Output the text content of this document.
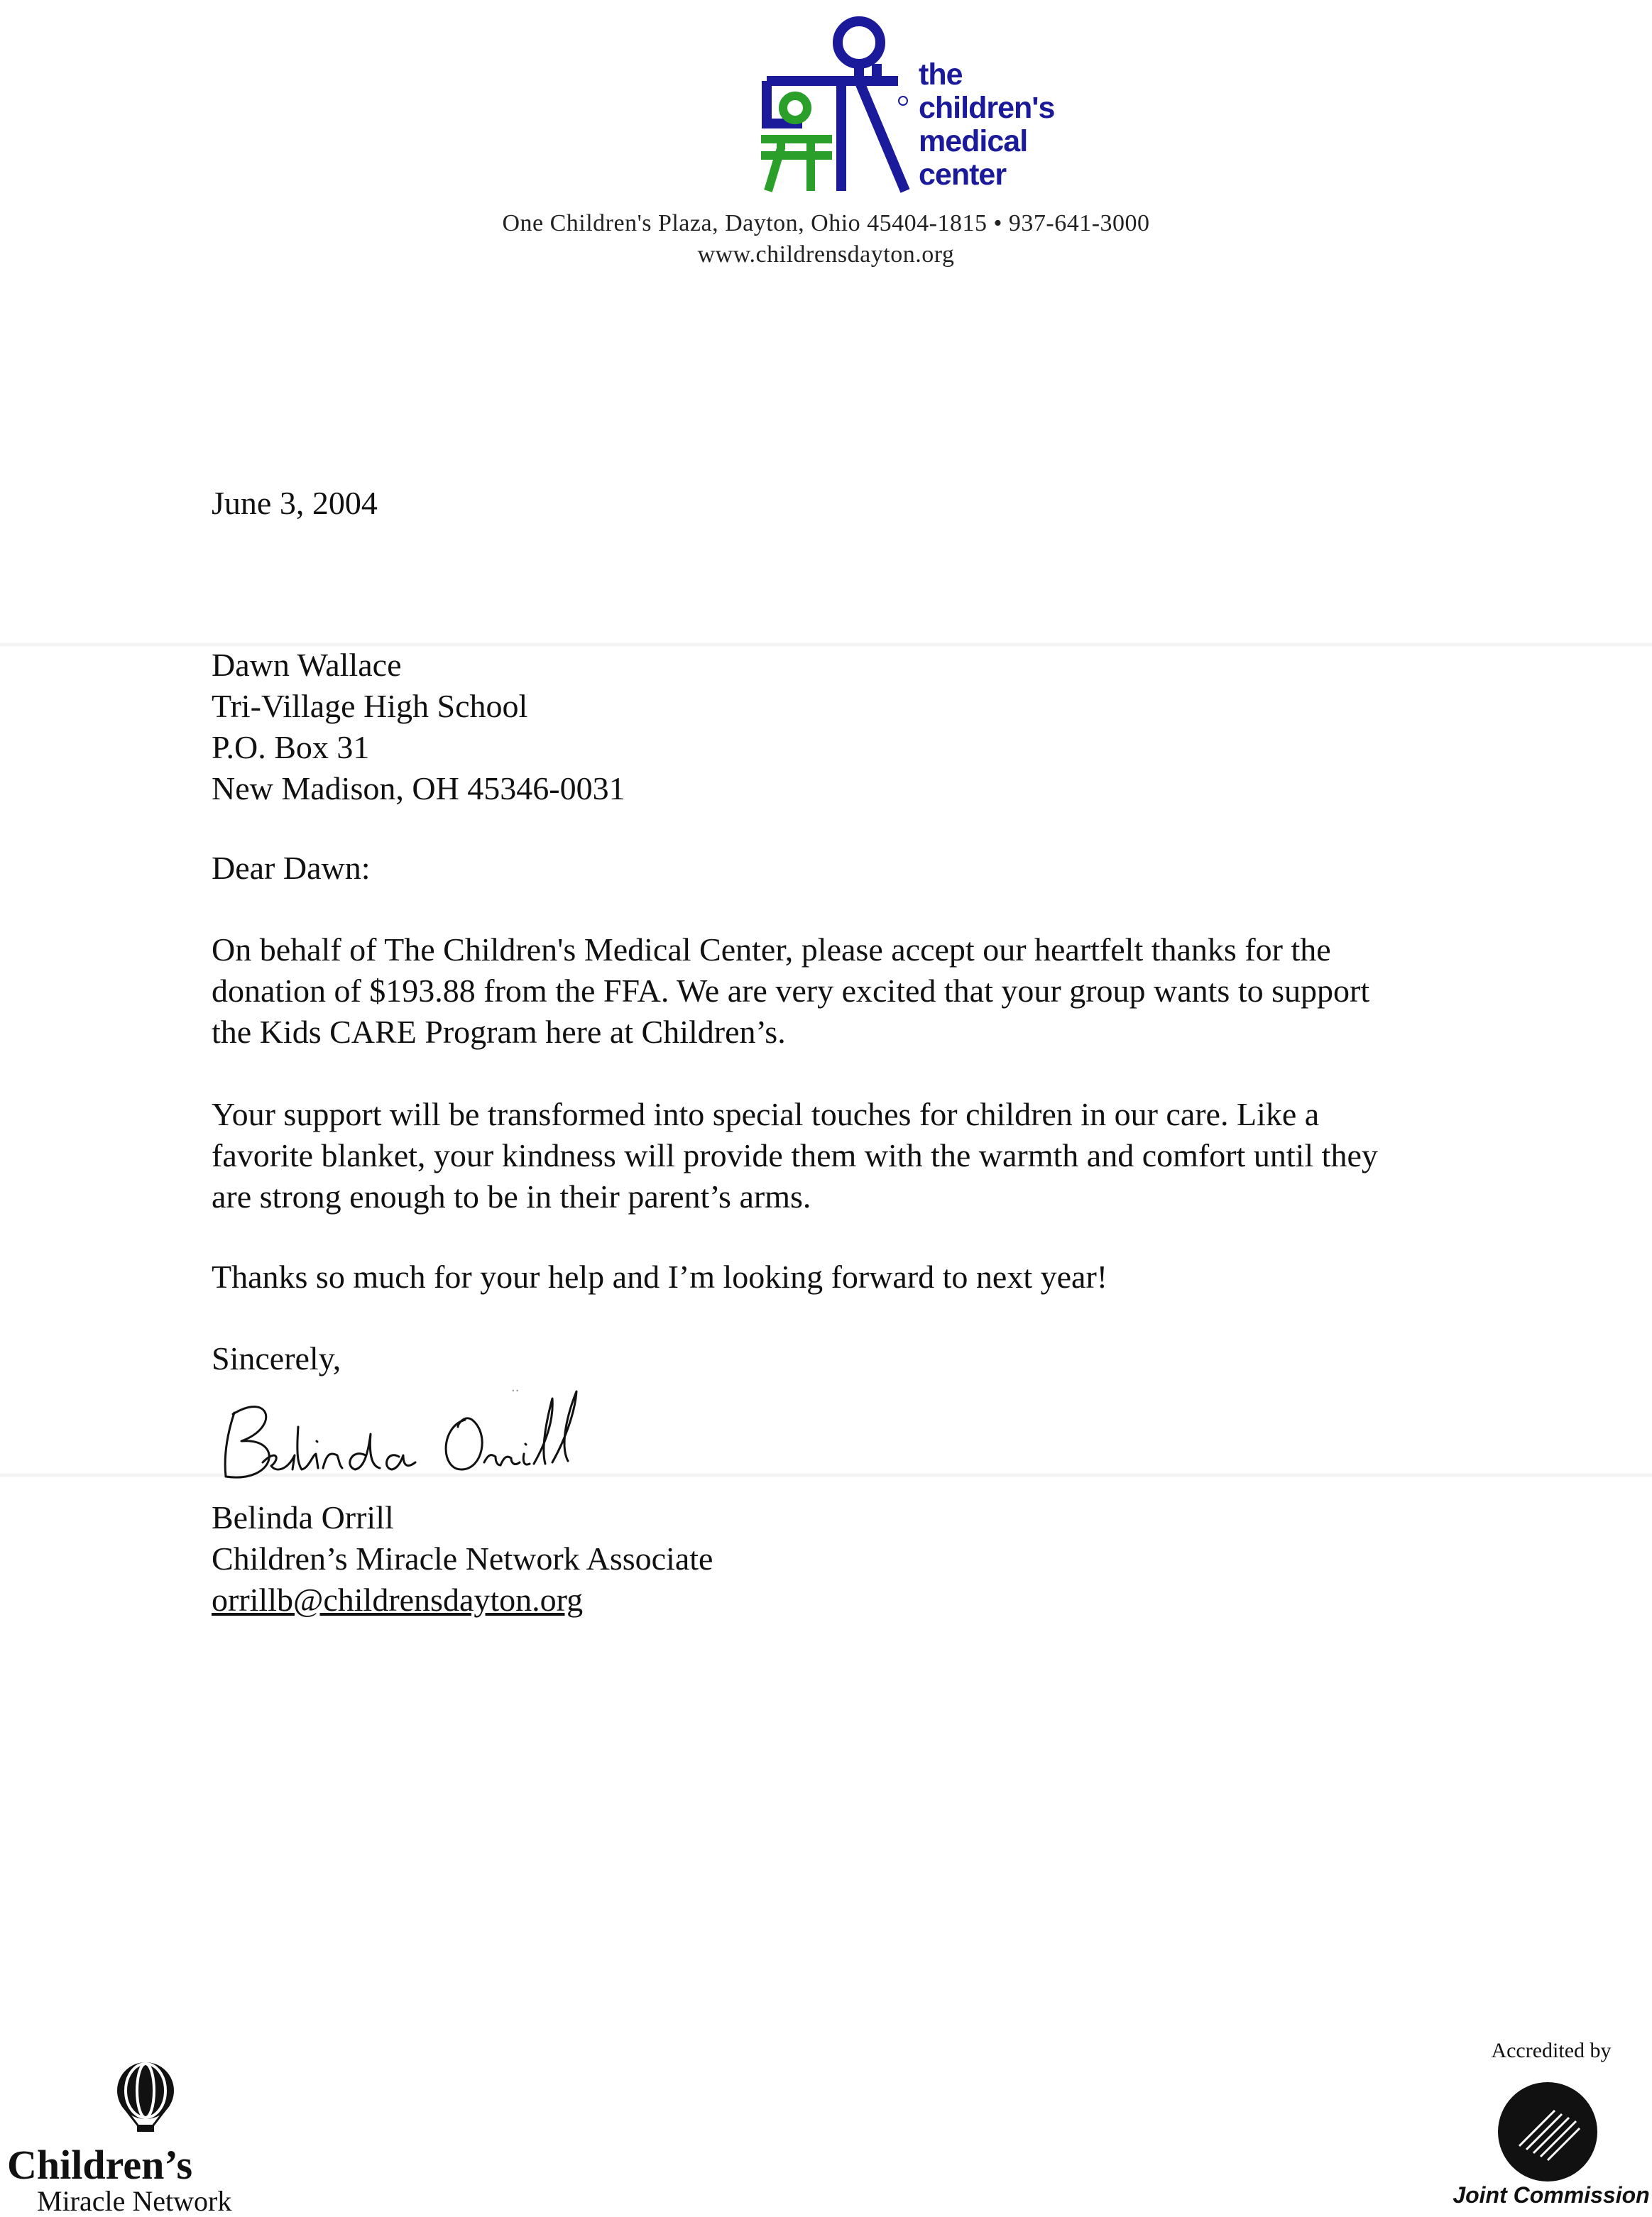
the
children's
medical
center
One Children's Plaza, Dayton, Ohio 45404-1815 • 937-641-3000
www.childrensdayton.org
June 3, 2004
Dawn Wallace
Tri-Village High School
P.O. Box 31
New Madison, OH 45346-0031
Dear Dawn:
On behalf of The Children's Medical Center, please accept our heartfelt thanks for the
donation of $193.88 from the FFA. We are very excited that your group wants to support
the Kids CARE Program here at Children’s.
Your support will be transformed into special touches for children in our care. Like a
favorite blanket, your kindness will provide them with the warmth and comfort until they
are strong enough to be in their parent’s arms.
Thanks so much for your help and I’m looking forward to next year!
Sincerely,
..
Belinda Orrill
Children’s Miracle Network Associate
orrillb@childrensdayton.org
Children’s
Miracle Network
Accredited by
Joint Commission
